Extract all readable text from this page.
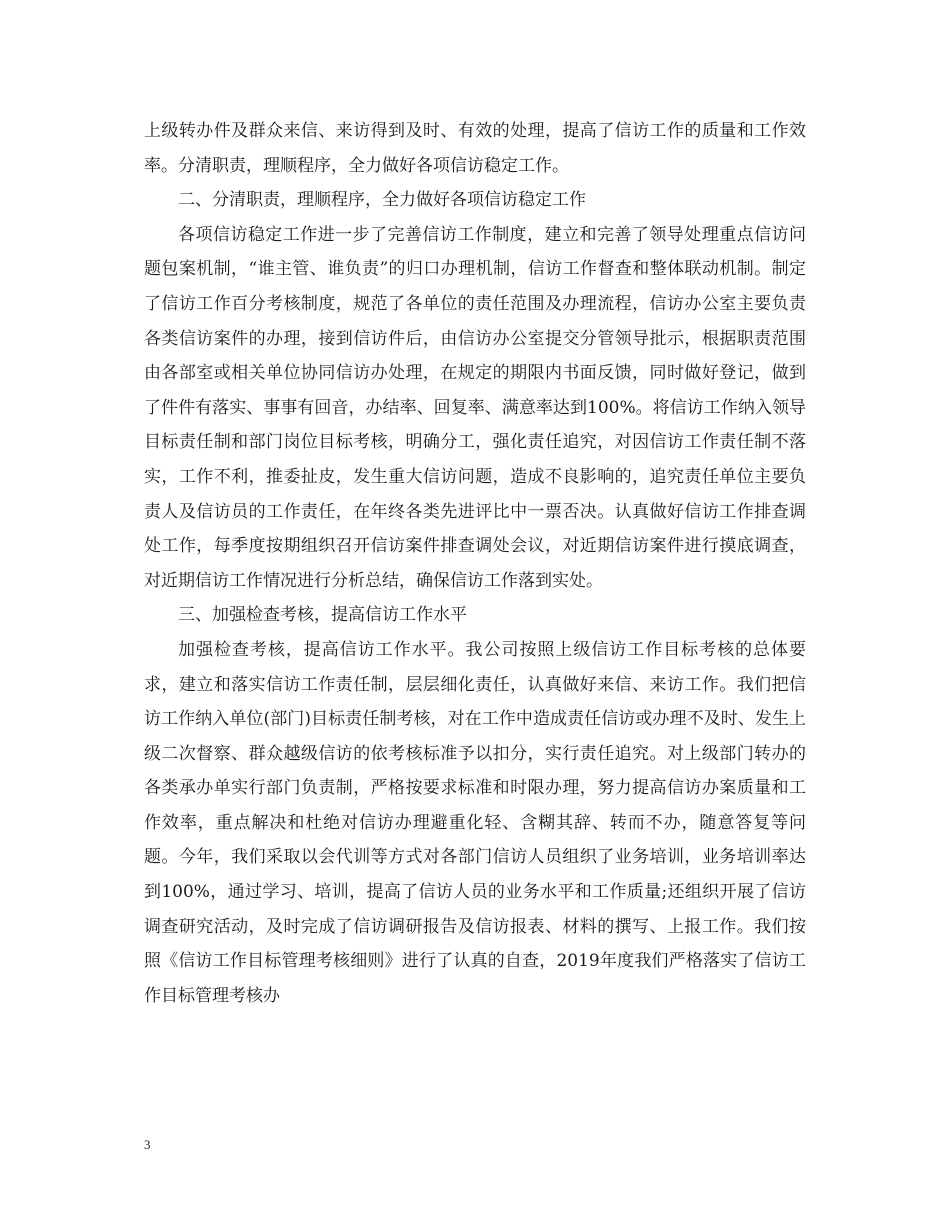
上级转办件及群众来信、来访得到及时、有效的处理，提高了信访工作的质量和工作效率。分清职责，理顺程序，全力做好各项信访稳定工作。

二、分清职责，理顺程序，全力做好各项信访稳定工作

各项信访稳定工作进一步了完善信访工作制度，建立和完善了领导处理重点信访问题包案机制，“谁主管、谁负责”的归口办理机制，信访工作督查和整体联动机制。制定了信访工作百分考核制度，规范了各单位的责任范围及办理流程，信访办公室主要负责各类信访案件的办理，接到信访件后，由信访办公室提交分管领导批示，根据职责范围由各部室或相关单位协同信访办处理，在规定的期限内书面反馈，同时做好登记，做到了件件有落实、事事有回音，办结率、回复率、满意率达到100%。将信访工作纳入领导目标责任制和部门岗位目标考核，明确分工，强化责任追究，对因信访工作责任制不落实，工作不利，推委扯皮，发生重大信访问题，造成不良影响的，追究责任单位主要负责人及信访员的工作责任，在年终各类先进评比中一票否决。认真做好信访工作排查调处工作，每季度按期组织召开信访案件排查调处会议，对近期信访案件进行摸底调查，对近期信访工作情况进行分析总结，确保信访工作落到实处。

三、加强检查考核，提高信访工作水平

加强检查考核，提高信访工作水平。我公司按照上级信访工作目标考核的总体要求，建立和落实信访工作责任制，层层细化责任，认真做好来信、来访工作。我们把信访工作纳入单位(部门)目标责任制考核，对在工作中造成责任信访或办理不及时、发生上级二次督察、群众越级信访的依考核标准予以扣分，实行责任追究。对上级部门转办的各类承办单实行部门负责制，严格按要求标准和时限办理，努力提高信访办案质量和工作效率，重点解决和杜绝对信访办理避重化轻、含糊其辞、转而不办，随意答复等问题。今年，我们采取以会代训等方式对各部门信访人员组织了业务培训，业务培训率达到100%，通过学习、培训，提高了信访人员的业务水平和工作质量;还组织开展了信访调查研究活动，及时完成了信访调研报告及信访报表、材料的撰写、上报工作。我们按照《信访工作目标管理考核细则》进行了认真的自查，2019年度我们严格落实了信访工作目标管理考核办

3
